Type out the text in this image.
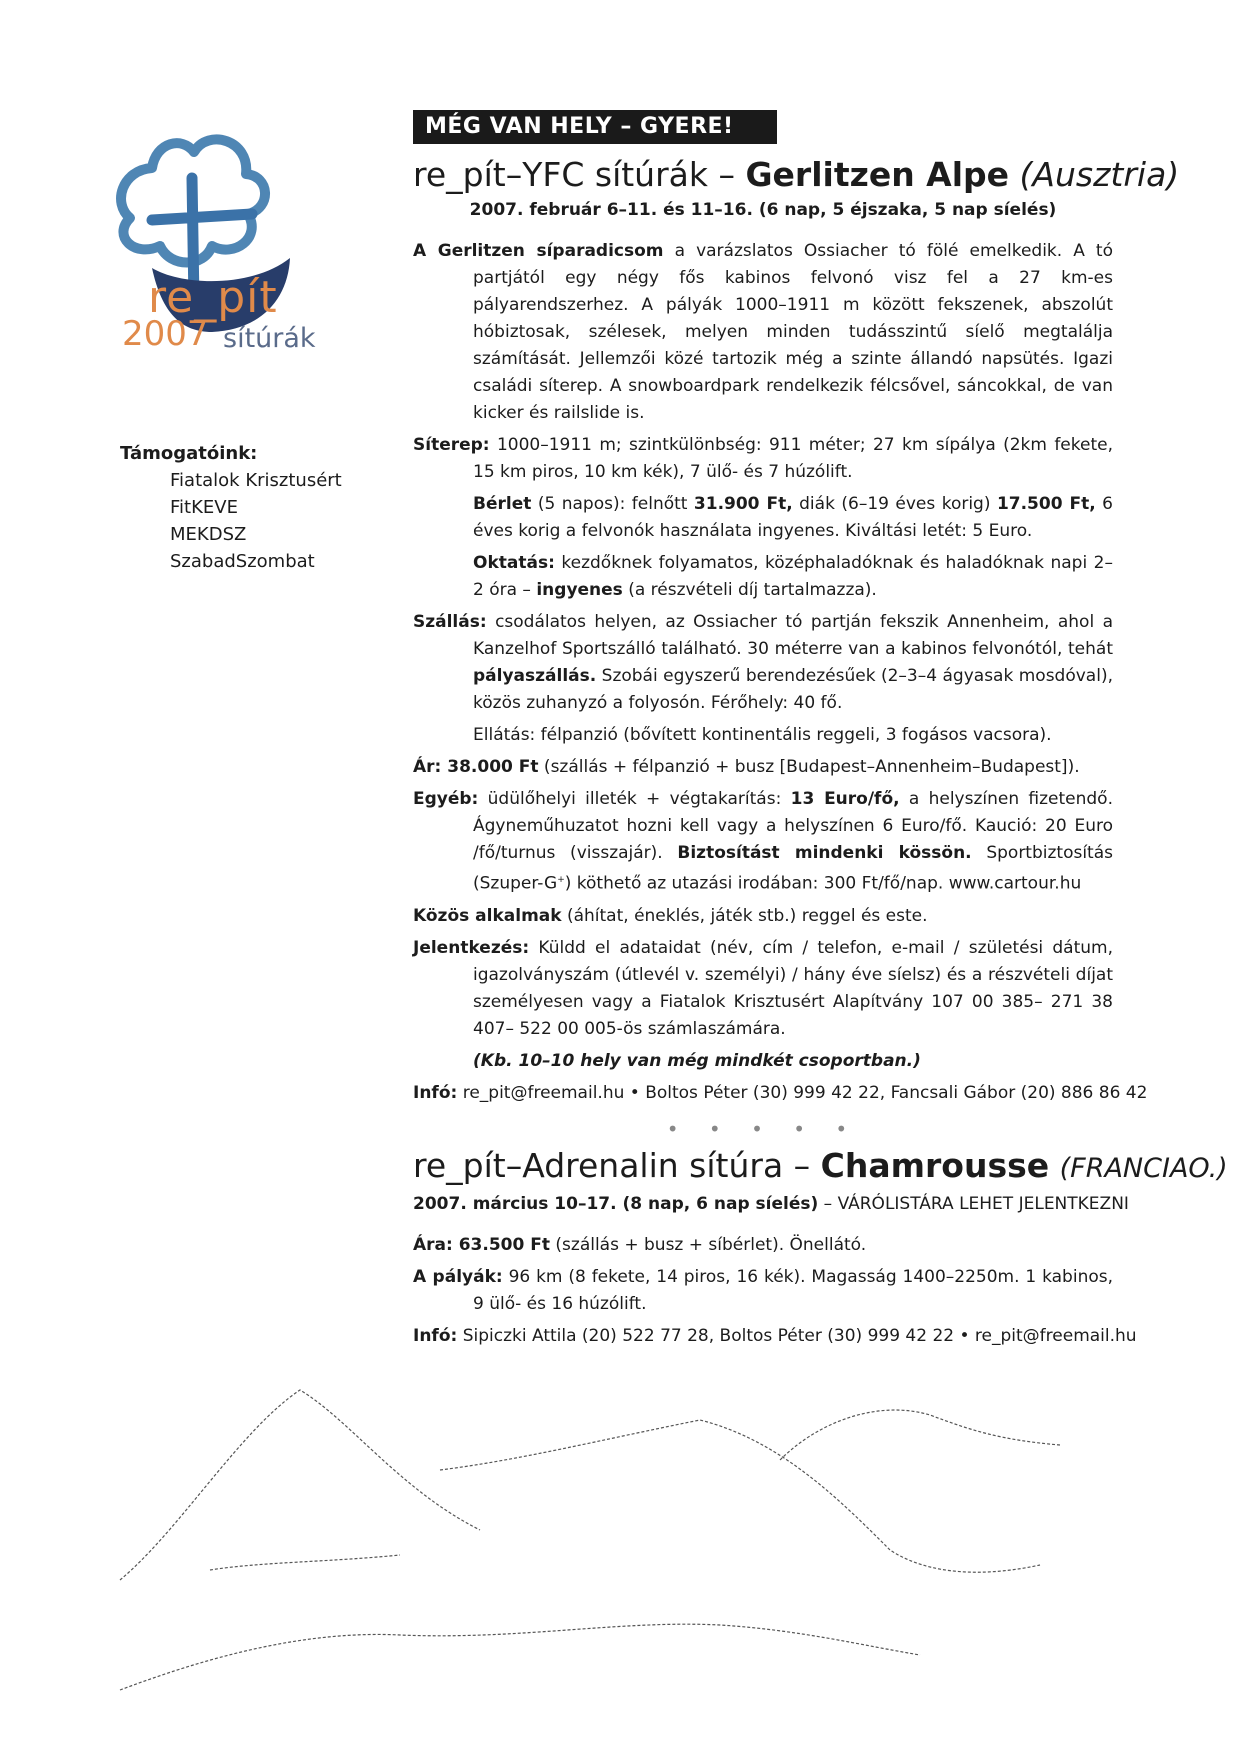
re_pít
2007 sítúrák
Támogatóink:
Fiatalok Krisztusért
FitKEVE
MEKDSZ
SzabadSzombat
MÉG VAN HELY – GYERE!
re_pít–YFC sítúrák – Gerlitzen Alpe (Ausztria)
2007. február 6–11. és 11–16. (6 nap, 5 éjszaka, 5 nap síelés)

A Gerlitzen síparadicsom a varázslatos Ossiacher tó fölé emelkedik. A tó partjától egy négy fős kabinos felvonó visz fel a 27 km-es pályarendszerhez. A pályák 1000–1911 m között fekszenek, abszolút hóbiztosak, szélesek, melyen minden tudásszintű síelő megtalálja számítását. Jellemzői közé tartozik még a szinte állandó napsütés. Igazi családi síterep. A snowboardpark rendelkezik félcsővel, sáncokkal, de van kicker és railslide is.

Síterep: 1000–1911 m; szintkülönbség: 911 méter; 27 km sípálya (2km fekete, 15 km piros, 10 km kék), 7 ülő- és 7 húzólift.

Bérlet (5 napos): felnőtt 31.900 Ft, diák (6–19 éves korig) 17.500 Ft, 6 éves korig a felvonók használata ingyenes. Kiváltási letét: 5 Euro.

Oktatás: kezdőknek folyamatos, középhaladóknak és haladóknak napi 2–2 óra – ingyenes (a részvételi díj tartalmazza).

Szállás: csodálatos helyen, az Ossiacher tó partján fekszik Annenheim, ahol a Kanzelhof Sportszálló található. 30 méterre van a kabinos felvonótól, tehát pályaszállás. Szobái egyszerű berendezésűek (2–3–4 ágyasak mosdóval), közös zuhanyzó a folyosón. Férőhely: 40 fő.

Ellátás: félpanzió (bővített kontinentális reggeli, 3 fogásos vacsora).

Ár: 38.000 Ft (szállás + félpanzió + busz [Budapest–Annenheim–Budapest]).

Egyéb: üdülőhelyi illeték + végtakarítás: 13 Euro/fő, a helyszínen fizetendő. Ágyneműhuzatot hozni kell vagy a helyszínen 6 Euro/fő. Kaució: 20 Euro /fő/turnus (visszajár). Biztosítást mindenki kössön. Sportbiztosítás (Szuper-G+) köthető az utazási irodában: 300 Ft/fő/nap. www.cartour.hu

Közös alkalmak (áhítat, éneklés, játék stb.) reggel és este.

Jelentkezés: Küldd el adataidat (név, cím / telefon, e-mail / születési dátum, igazolványszám (útlevél v. személyi) / hány éve síelsz) és a részvételi díjat személyesen vagy a Fiatalok Krisztusért Alapítvány 107 00 385– 271 38 407– 522 00 005-ös számlaszámára.

(Kb. 10–10 hely van még mindkét csoportban.)

Infó: re_pit@freemail.hu • Boltos Péter (30) 999 42 22, Fancsali Gábor (20) 886 86 42

• • • • •
re_pít–Adrenalin sítúra – Chamrousse (FRANCIAO.)
2007. március 10–17. (8 nap, 6 nap síelés) – VÁRÓLISTÁRA LEHET JELENTKEZNI

Ára: 63.500 Ft (szállás + busz + síbérlet). Önellátó.

A pályák: 96 km (8 fekete, 14 piros, 16 kék). Magasság 1400–2250m. 1 kabinos, 9 ülő- és 16 húzólift.

Infó: Sipiczki Attila (20) 522 77 28, Boltos Péter (30) 999 42 22 • re_pit@freemail.hu
